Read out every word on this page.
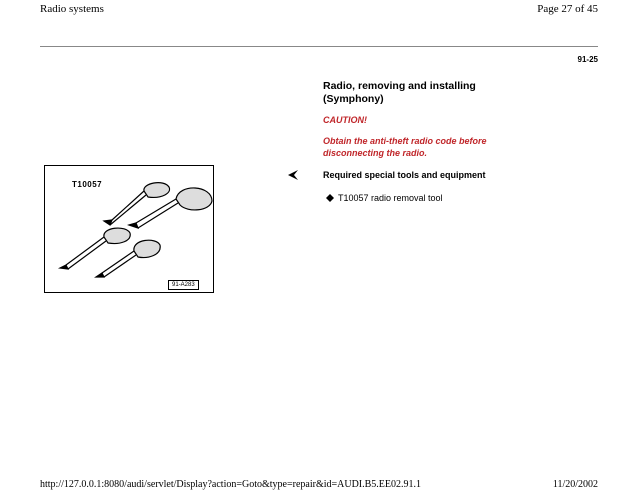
Radio systems	Page 27 of 45
91-25
Radio, removing and installing (Symphony)
CAUTION!
Obtain the anti-theft radio code before disconnecting the radio.
Required special tools and equipment
T10057 radio removal tool
T10057
91-A283
http://127.0.0.1:8080/audi/servlet/Display?action=Goto&type=repair&id=AUDI.B5.EE02.91.1	11/20/2002
